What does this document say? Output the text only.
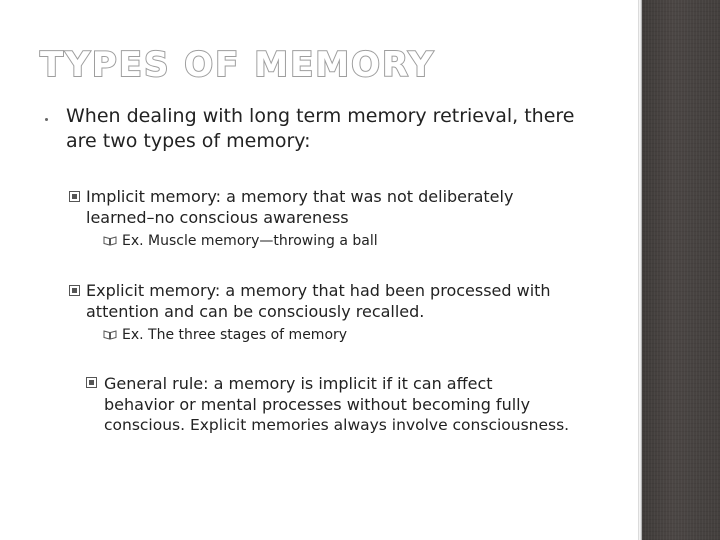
TYPES OF MEMORY
When dealing with long term memory retrieval, there
are two types of memory:
Implicit memory: a memory that was not deliberately
learned–no conscious awareness
Ex. Muscle memory—throwing a ball
Explicit memory: a memory that had been processed with
attention and can be consciously recalled.
Ex. The three stages of memory
General rule: a memory is implicit if it can affect
behavior or mental processes without becoming fully
conscious. Explicit memories always involve consciousness.
